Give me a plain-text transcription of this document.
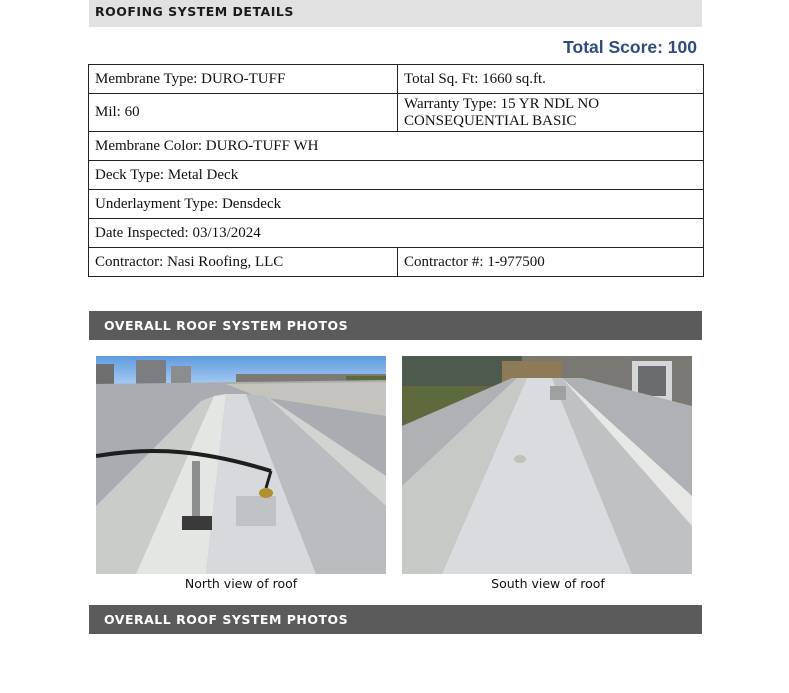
ROOFING SYSTEM DETAILS
Total Score: 100
Membrane Type: DURO-TUFF	Total Sq. Ft: 1660 sq.ft.
Mil: 60	Warranty Type: 15 YR NDL NO
CONSEQUENTIAL BASIC
Membrane Color: DURO-TUFF WH	
Deck Type: Metal Deck	
Underlayment Type: Densdeck	
Date Inspected: 03/13/2024	
Contractor: Nasi Roofing, LLC	Contractor #: 1-977500
OVERALL ROOF SYSTEM PHOTOS
North view of roof	South view of roof
OVERALL ROOF SYSTEM PHOTOS
